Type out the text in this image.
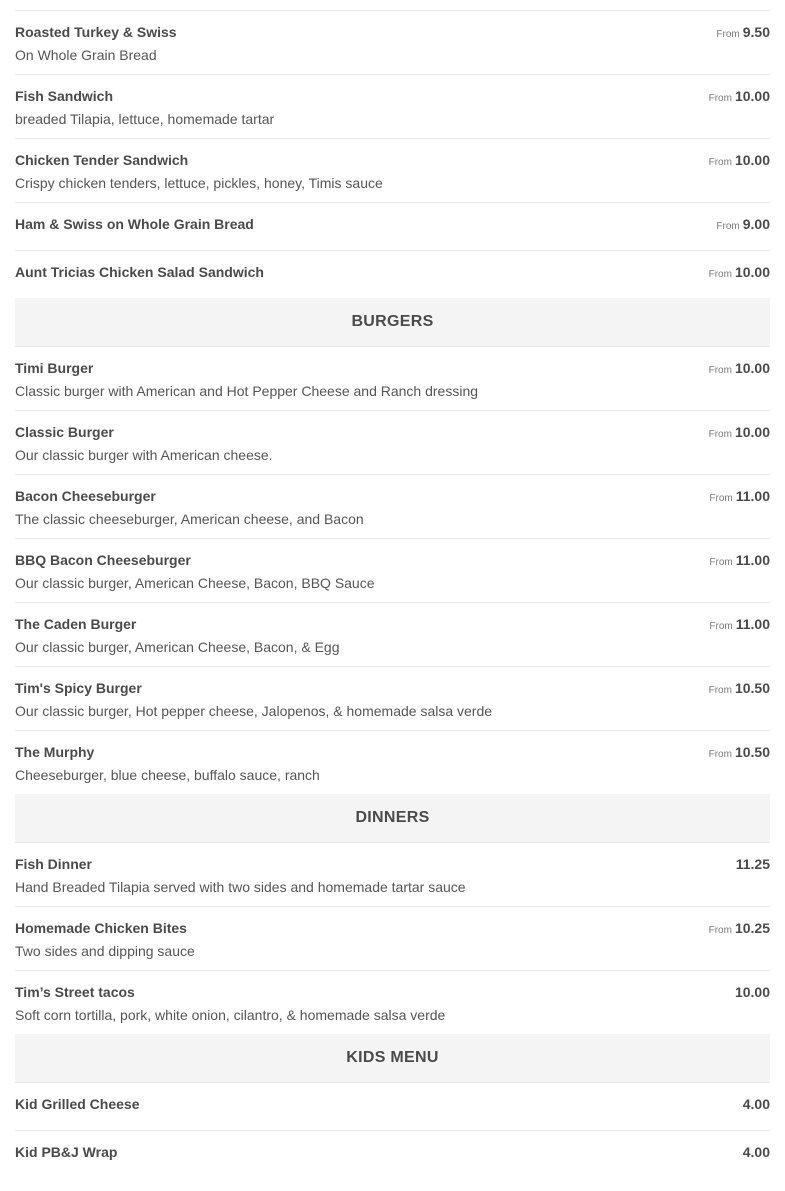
Roasted Turkey & Swiss
On Whole Grain Bread
From 9.50
Fish Sandwich
breaded Tilapia, lettuce, homemade tartar
From 10.00
Chicken Tender Sandwich
Crispy chicken tenders, lettuce, pickles, honey, Timis sauce
From 10.00
Ham & Swiss on Whole Grain Bread	From 9.00
Aunt Tricias Chicken Salad Sandwich	From 10.00
BURGERS
Timi Burger
Classic burger with American and Hot Pepper Cheese and Ranch dressing
From 10.00
Classic Burger
Our classic burger with American cheese.
From 10.00
Bacon Cheeseburger
The classic cheeseburger, American cheese, and Bacon
From 11.00
BBQ Bacon Cheeseburger
Our classic burger, American Cheese, Bacon, BBQ Sauce
From 11.00
The Caden Burger
Our classic burger, American Cheese, Bacon, & Egg
From 11.00
Tim's Spicy Burger
Our classic burger, Hot pepper cheese, Jalopenos, & homemade salsa verde
From 10.50
The Murphy
Cheeseburger, blue cheese, buffalo sauce, ranch
From 10.50
DINNERS
Fish Dinner
Hand Breaded Tilapia served with two sides and homemade tartar sauce
11.25
Homemade Chicken Bites
Two sides and dipping sauce
From 10.25
Tim’s Street tacos
Soft corn tortilla, pork, white onion, cilantro, & homemade salsa verde
10.00
KIDS MENU
Kid Grilled Cheese	4.00
Kid PB&J Wrap	4.00
